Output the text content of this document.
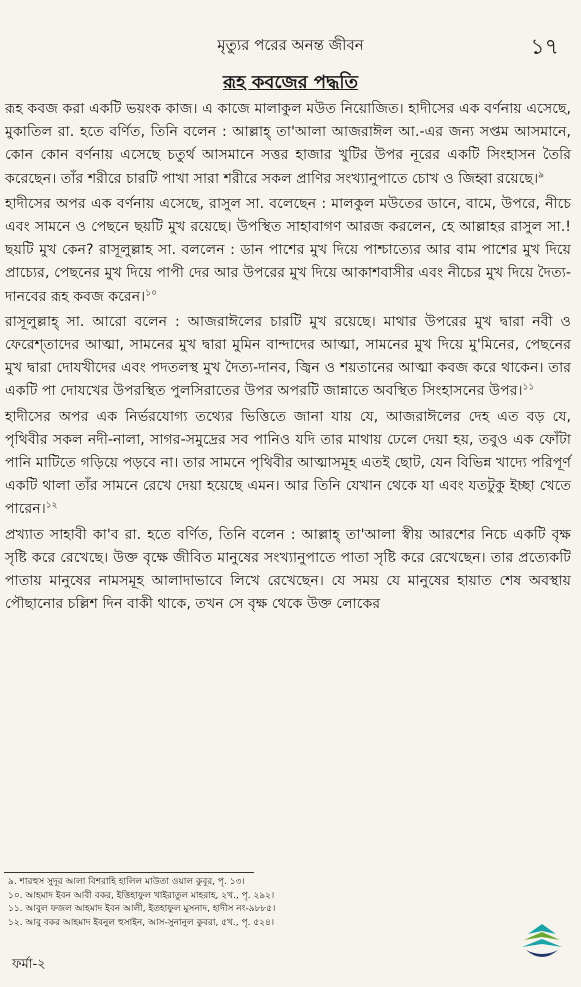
মৃত্যুর পরের অনন্ত জীবন	১৭
রূহ কবজের পদ্ধতি

রূহ কবজ করা একটি ভয়ংক কাজ। এ কাজে মালাকুল মউত নিয়োজিত। হাদীসের এক বর্ণনায় এসেছে, মুকাতিল রা. হতে বর্ণিত, তিনি বলেন : আল্লাহ্ তা'আলা আজরাঈল আ.-এর জন্য সপ্তম আসমানে, কোন কোন বর্ণনায় এসেছে চতুর্থ আসমানে সত্তর হাজার খুটির উপর নূরের একটি সিংহাসন তৈরি করেছেন। তাঁর শরীরে চারটি পাখা সারা শরীরে সকল প্রাণির সংখ্যানুপাতে চোখ ও জিহ্বা রয়েছে।$^৯$

হাদীসের অপর এক বর্ণনায় এসেছে, রাসুল সা. বলেছেন : মালকুল মউতের ডানে, বামে, উপরে, নীচে এবং সামনে ও পেছনে ছয়টি মুখ রয়েছে। উপস্থিত সাহাবাগণ আরজ করলেন, হে আল্লাহর রাসুল সা.! ছয়টি মুখ কেন? রাসূলুল্লাহ সা. বললেন : ডান পাশের মুখ দিয়ে পাশ্চাত্যের আর বাম পাশের মুখ দিয়ে প্রাচ্যের, পেছনের মুখ দিয়ে পাপী দের আর উপরের মুখ দিয়ে আকাশবাসীর এবং নীচের মুখ দিয়ে দৈত্য-দানবের রূহ কবজ করেন।$^{১০}$

রাসূলুল্লাহ্ সা. আরো বলেন : আজরাঈলের চারটি মুখ রয়েছে। মাথার উপরের মুখ দ্বারা নবী ও ফেরেশ্‌তাদের আত্মা, সামনের মুখ দ্বারা মুমিন বান্দাদের আত্মা, সামনের মুখ দিয়ে মু'মিনের, পেছনের মুখ দ্বারা দোযখীদের এবং পদতলস্থ মুখ দৈত্য-দানব, জ্বিন ও শয়তানের আত্মা কবজ করে থাকেন। তার একটি পা দোযখের উপরস্থিত পুলসিরাতের উপর অপরটি জান্নাতে অবস্থিত সিংহাসনের উপর।$^{১১}$

হাদীসের অপর এক নির্ভরযোগ্য তথ্যের ভিত্তিতে জানা যায় যে, আজরাঈলের দেহ এত বড় যে, পৃথিবীর সকল নদী-নালা, সাগর-সমুদ্রের সব পানিও যদি তার মাথায় ঢেলে দেয়া হয়, তবুও এক ফোঁটা পানি মাটিতে গড়িয়ে পড়বে না। তার সামনে পৃথিবীর আত্মাসমূহ এতই ছোট, যেন বিভিন্ন খাদ্যে পরিপূর্ণ একটি থালা তাঁর সামনে রেখে দেয়া হয়েছে এমন। আর তিনি যেখান থেকে যা এবং যতটুকু ইচ্ছা খেতে পারেন।$^{১২}$

প্রখ্যাত সাহাবী কা'ব রা. হতে বর্ণিত, তিনি বলেন : আল্লাহ্ তা'আলা স্বীয় আরশের নিচে একটি বৃক্ষ সৃষ্টি করে রেখেছে। উক্ত বৃক্ষে জীবিত মানুষের সংখ্যানুপাতে পাতা সৃষ্টি করে রেখেছেন। তার প্রত্যেকটি পাতায় মানুষের নামসমূহ আলাদাভাবে লিখে রেখেছেন। যে সময় যে মানুষের হায়াত শেষ অবস্থায় পৌছানোর চল্লিশ দিন বাকী থাকে, তখন সে বৃক্ষ থেকে উক্ত লোকের

৯. শারহুস সুদূর আলা বিশরাহি হালিল মাউতা ওয়াল কুবূর, পৃ. ১৩।
১০. আহমাদ ইবন আবী বকর, ইত্তিহাফুল খাইরাতুল মাহরাহ, ২খ., পৃ. ২৯২।
১১. আবুল ফজল আহমাদ ইবন আলী, ইতহাফুল মুসনাদ, হাদীস নং-৯৮৮৫।
১২. আবু বকর আহমাদ ইবনুল হুসাইন, আস-সুনানুল কুবরা, ৫খ., পৃ. ৫২৪।
ফর্মা-২
